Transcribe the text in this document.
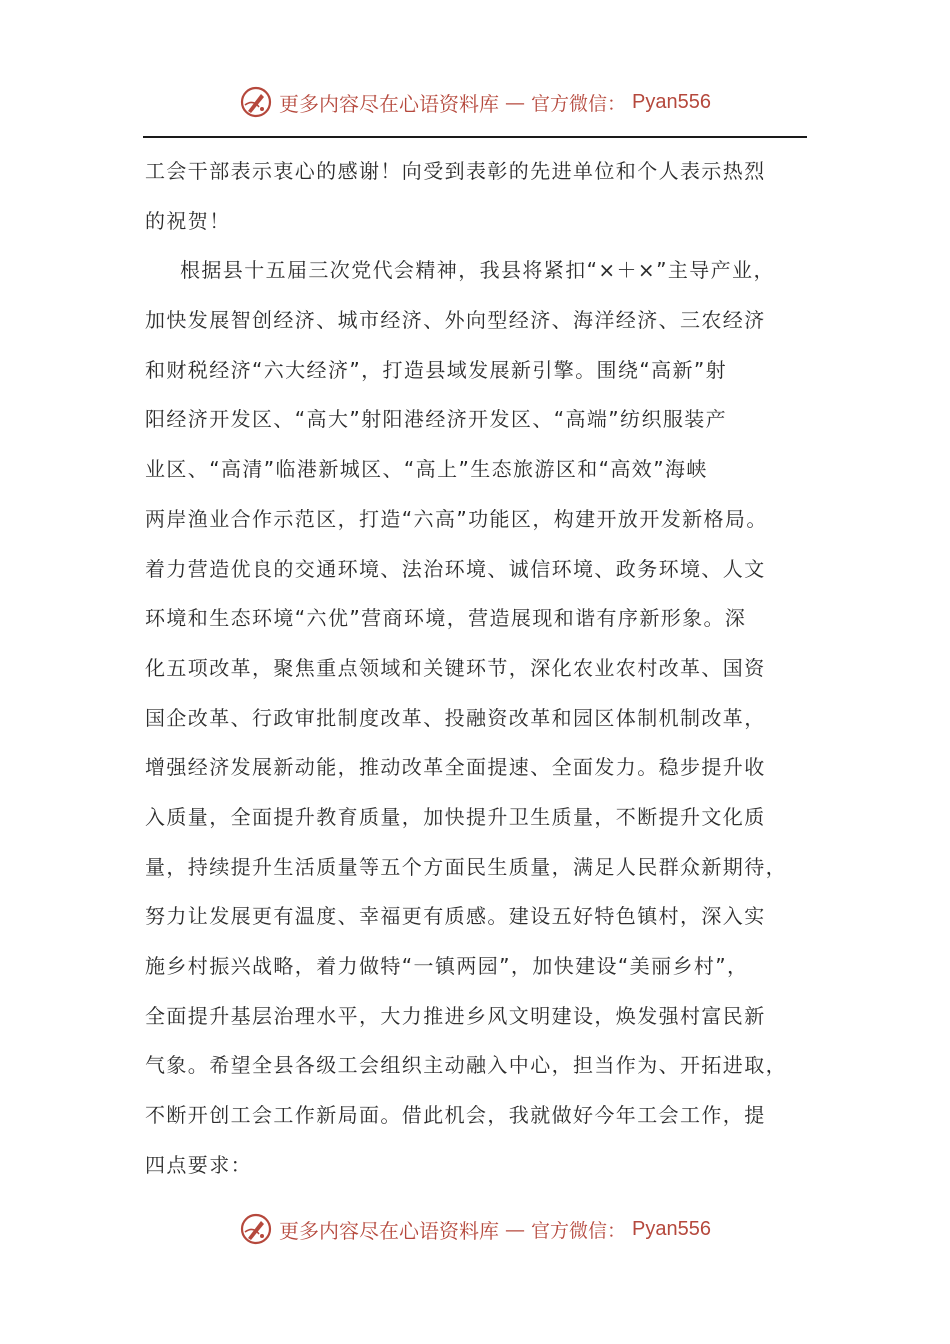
更多内容尽在心语资料库 — 官方微信： Pyan556
工会干部表示衷心的感谢！向受到表彰的先进单位和个人表示热烈
的祝贺！
根据县十五届三次党代会精神，我县将紧扣“×＋×”主导产业，
加快发展智创经济、城市经济、外向型经济、海洋经济、三农经济
和财税经济“六大经济”，打造县域发展新引擎。围绕“高新”射
阳经济开发区、“高大”射阳港经济开发区、“高端”纺织服装产
业区、“高清”临港新城区、“高上”生态旅游区和“高效”海峡
两岸渔业合作示范区，打造“六高”功能区，构建开放开发新格局。
着力营造优良的交通环境、法治环境、诚信环境、政务环境、人文
环境和生态环境“六优”营商环境，营造展现和谐有序新形象。深
化五项改革，聚焦重点领域和关键环节，深化农业农村改革、国资
国企改革、行政审批制度改革、投融资改革和园区体制机制改革，
增强经济发展新动能，推动改革全面提速、全面发力。稳步提升收
入质量，全面提升教育质量，加快提升卫生质量，不断提升文化质
量，持续提升生活质量等五个方面民生质量，满足人民群众新期待，
努力让发展更有温度、幸福更有质感。建设五好特色镇村，深入实
施乡村振兴战略，着力做特“一镇两园”，加快建设“美丽乡村”，
全面提升基层治理水平，大力推进乡风文明建设，焕发强村富民新
气象。希望全县各级工会组织主动融入中心，担当作为、开拓进取，
不断开创工会工作新局面。借此机会，我就做好今年工会工作，提
四点要求：
更多内容尽在心语资料库 — 官方微信： Pyan556
